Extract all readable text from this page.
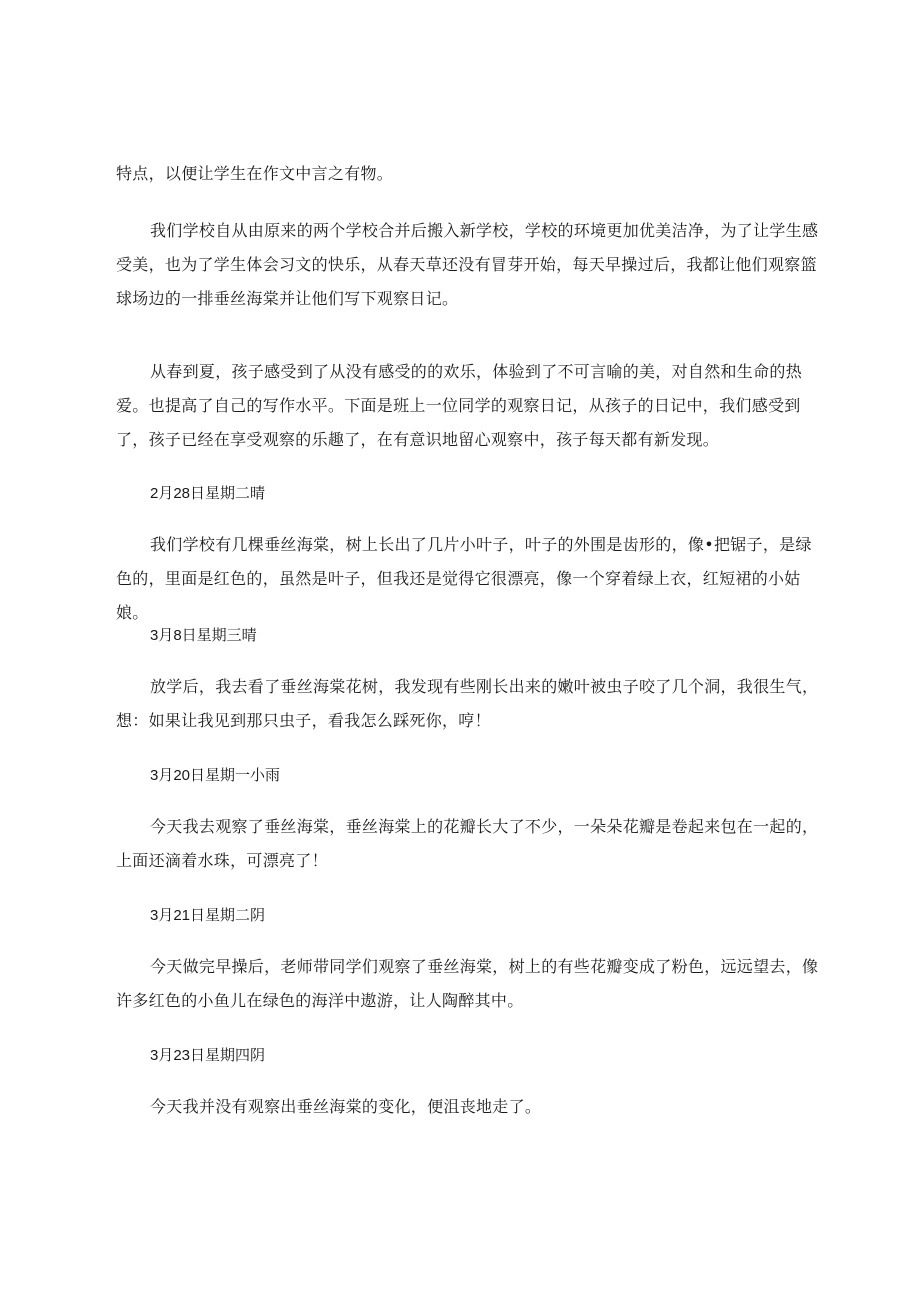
特点，以便让学生在作文中言之有物。

我们学校自从由原来的两个学校合并后搬入新学校，学校的环境更加优美洁净，为了让学生感受美，也为了学生体会习文的快乐，从春天草还没有冒芽开始，每天早操过后，我都让他们观察篮球场边的一排垂丝海棠并让他们写下观察日记。

从春到夏，孩子感受到了从没有感受的的欢乐，体验到了不可言喻的美，对自然和生命的热爱。也提高了自己的写作水平。下面是班上一位同学的观察日记，从孩子的日记中，我们感受到了，孩子已经在享受观察的乐趣了，在有意识地留心观察中，孩子每天都有新发现。

2月28日星期二晴

我们学校有几棵垂丝海棠，树上长出了几片小叶子，叶子的外围是齿形的，像•把锯子，是绿色的，里面是红色的，虽然是叶子，但我还是觉得它很漂亮，像一个穿着绿上衣，红短裙的小姑娘。

3月8日星期三晴

放学后，我去看了垂丝海棠花树，我发现有些刚长出来的嫩叶被虫子咬了几个洞，我很生气，想：如果让我见到那只虫子，看我怎么踩死你，哼！

3月20日星期一小雨

今天我去观察了垂丝海棠，垂丝海棠上的花瓣长大了不少，一朵朵花瓣是卷起来包在一起的，上面还滴着水珠，可漂亮了！

3月21日星期二阴

今天做完早操后，老师带同学们观察了垂丝海棠，树上的有些花瓣变成了粉色，远远望去，像许多红色的小鱼儿在绿色的海洋中遨游，让人陶醉其中。

3月23日星期四阴

今天我并没有观察出垂丝海棠的变化，便沮丧地走了。
